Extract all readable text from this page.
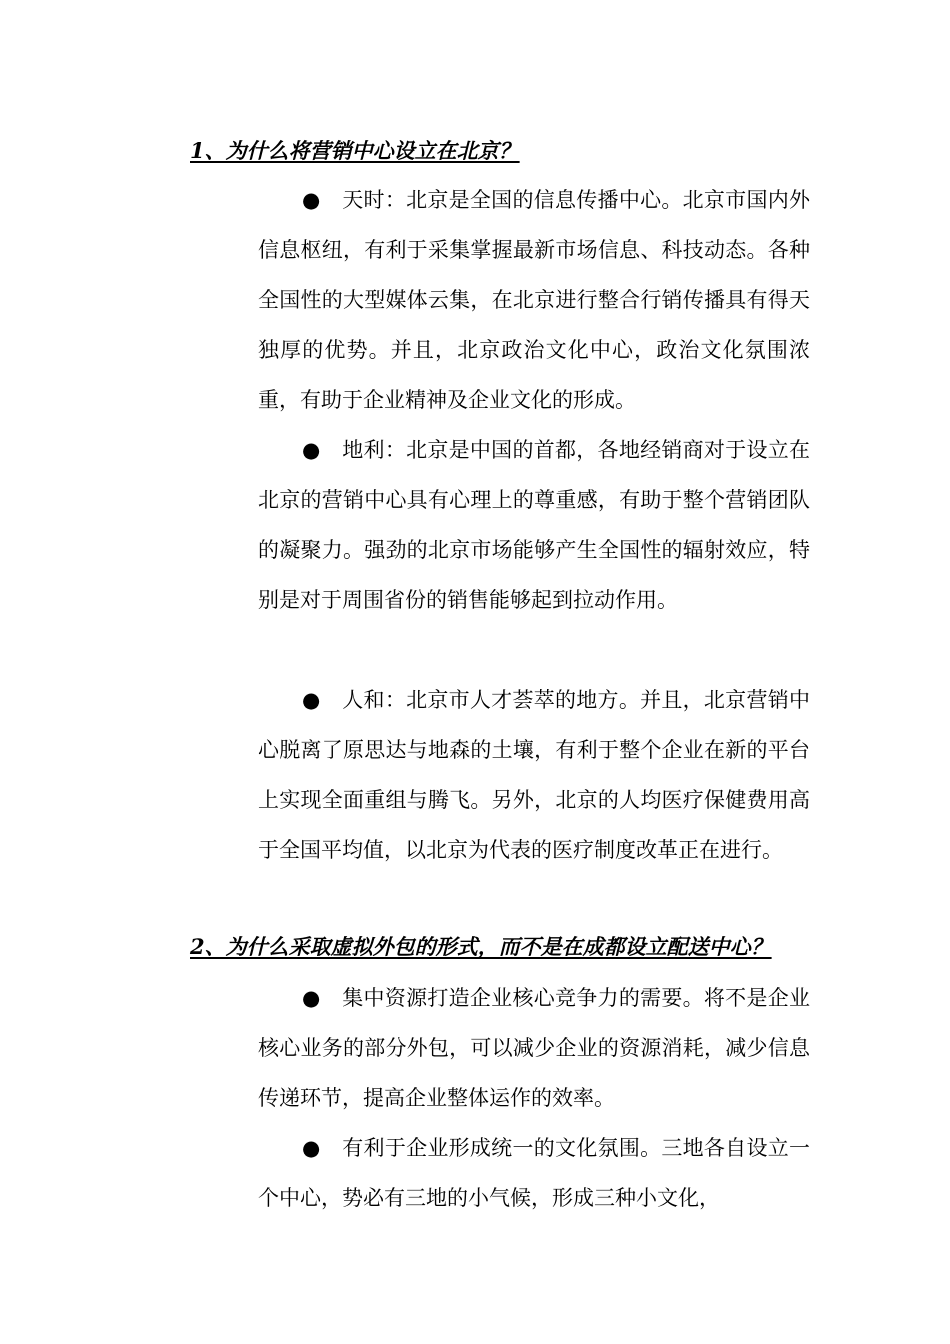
1、为什么将营销中心设立在北京？

● 天时：北京是全国的信息传播中心。北京市国内外信息枢纽，有利于采集掌握最新市场信息、科技动态。各种全国性的大型媒体云集，在北京进行整合行销传播具有得天独厚的优势。并且，北京政治文化中心，政治文化氛围浓重，有助于企业精神及企业文化的形成。

● 地利：北京是中国的首都，各地经销商对于设立在北京的营销中心具有心理上的尊重感，有助于整个营销团队的凝聚力。强劲的北京市场能够产生全国性的辐射效应，特别是对于周围省份的销售能够起到拉动作用。

● 人和：北京市人才荟萃的地方。并且，北京营销中心脱离了原思达与地森的土壤，有利于整个企业在新的平台上实现全面重组与腾飞。另外，北京的人均医疗保健费用高于全国平均值，以北京为代表的医疗制度改革正在进行。

2、为什么采取虚拟外包的形式，而不是在成都设立配送中心？

● 集中资源打造企业核心竞争力的需要。将不是企业核心业务的部分外包，可以减少企业的资源消耗，减少信息传递环节，提高企业整体运作的效率。

● 有利于企业形成统一的文化氛围。三地各自设立一个中心，势必有三地的小气候，形成三种小文化，
